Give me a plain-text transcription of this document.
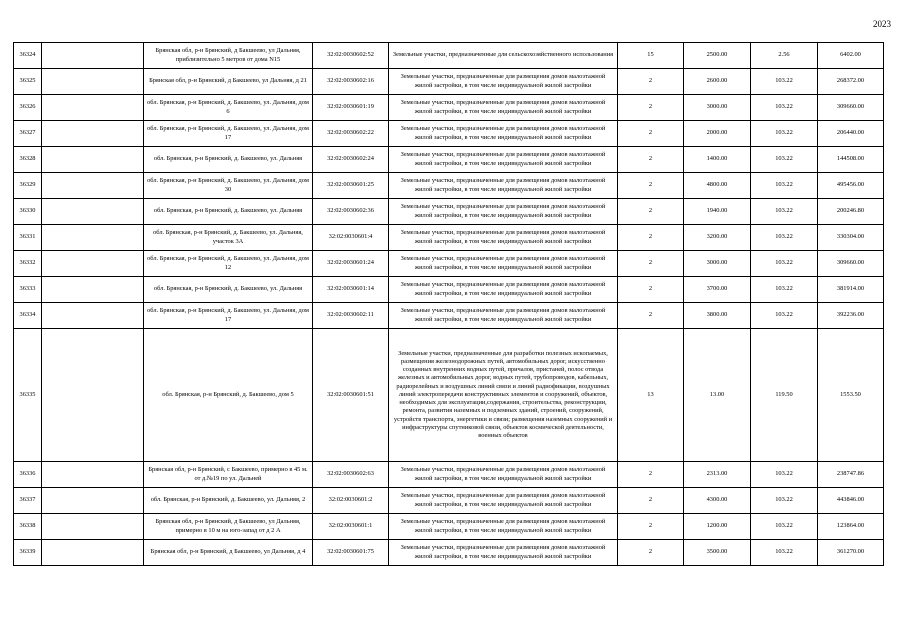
2023
36324		Брянская обл, р-н Брянский, д Бакшеево, ул Дальняя, приблизительно 5 метров от дома N15	32:02:0030602:52	Земельные участки, предназначенные для сельскохозяйственного использования	15	2500.00	2.56	6402.00
36325		Брянская обл, р-н Брянский, д Бакшеево, ул Дальняя, д 21	32:02:0030602:16	Земельные участки, предназначенные для размещения домов малоэтажной жилой застройки, в том числе индивидуальной жилой застройки	2	2600.00	103.22	268372.00
36326		обл. Брянская, р-н Брянский, д. Бакшеево, ул. Дальняя, дом 6	32:02:0030601:19	Земельные участки, предназначенные для размещения домов малоэтажной жилой застройки, в том числе индивидуальной жилой застройки	2	3000.00	103.22	309660.00
36327		обл. Брянская, р-н Брянский, д. Бакшеево, ул. Дальняя, дом 17	32:02:0030602:22	Земельные участки, предназначенные для размещения домов малоэтажной жилой застройки, в том числе индивидуальной жилой застройки	2	2000.00	103.22	206440.00
36328		обл. Брянская, р-н Брянский, д. Бакшеево, ул. Дальняя	32:02:0030602:24	Земельные участки, предназначенные для размещения домов малоэтажной жилой застройки, в том числе индивидуальной жилой застройки	2	1400.00	103.22	144508.00
36329		обл. Брянская, р-н Брянский, д. Бакшеево, ул. Дальняя, дом 30	32:02:0030601:25	Земельные участки, предназначенные для размещения домов малоэтажной жилой застройки, в том числе индивидуальной жилой застройки	2	4800.00	103.22	495456.00
36330		обл. Брянская, р-н Брянский, д. Бакшеево, ул. Дальняя	32:02:0030602:36	Земельные участки, предназначенные для размещения домов малоэтажной жилой застройки, в том числе индивидуальной жилой застройки	2	1940.00	103.22	200246.80
36331		обл. Брянская, р-н Брянский, д. Бакшеево, ул. Дальняя, участок 3А	32:02:0030601:4	Земельные участки, предназначенные для размещения домов малоэтажной жилой застройки, в том числе индивидуальной жилой застройки	2	3200.00	103.22	330304.00
36332		обл. Брянская, р-н Брянский, д. Бакшеево, ул. Дальняя, дом 12	32:02:0030601:24	Земельные участки, предназначенные для размещения домов малоэтажной жилой застройки, в том числе индивидуальной жилой застройки	2	3000.00	103.22	309660.00
36333		обл. Брянская, р-н Брянский, д. Бакшеево, ул. Дальняя	32:02:0030601:14	Земельные участки, предназначенные для размещения домов малоэтажной жилой застройки, в том числе индивидуальной жилой застройки	2	3700.00	103.22	381914.00
36334		обл. Брянская, р-н Брянский, д. Бакшеево, ул. Дальняя, дом 17	32:02:0030602:11	Земельные участки, предназначенные для размещения домов малоэтажной жилой застройки, в том числе индивидуальной жилой застройки	2	3800.00	103.22	392236.00
36335		обл. Брянская, р-н Брянский, д. Бакшеево, дом 5	32:02:0030601:51	Земельные участки, предназначенные для разработки полезных ископаемых, размещения железнодорожных путей, автомобильных дорог, искусственно созданных внутренних водных путей, причалов, пристаней, полос отвода железных и автомобильных дорог, водных путей, трубопроводов, кабельных, радиорелейных и воздушных линий связи и линий радиофикации, воздушных линий электропередачи конструктивных элементов и сооружений, объектов, необходимых для эксплуатации,содержания, строительства, реконструкции, ремонта, развития наземных и подземных зданий, строений, сооружений, устройств транспорта, энергетики и связи; размещения наземных сооружений и инфраструктуры спутниковой связи, объектов космической деятельности, военных объектов	13	13.00	119.50	1553.50
36336		Брянская обл, р-н Брянский, с Бакшеево, примерно в 45 м. от д.№19 по ул. Дальней	32:02:0030602:63	Земельные участки, предназначенные для размещения домов малоэтажной жилой застройки, в том числе индивидуальной жилой застройки	2	2313.00	103.22	238747.86
36337		обл. Брянская, р-н Брянский, д. Бакшеево, ул. Дальняя, 2	32:02:0030601:2	Земельные участки, предназначенные для размещения домов малоэтажной жилой застройки, в том числе индивидуальной жилой застройки	2	4300.00	103.22	443846.00
36338		Брянская обл, р-н Брянский, д Бакшеево, ул Дальняя, примерно в 10 м на юго-запад от д 2 А	32:02:0030601:1	Земельные участки, предназначенные для размещения домов малоэтажной жилой застройки, в том числе индивидуальной жилой застройки	2	1200.00	103.22	123864.00
36339		Брянская обл, р-н Брянский, д Бакшеево, ул Дальняя, д 4	32:02:0030601:75	Земельные участки, предназначенные для размещения домов малоэтажной жилой застройки, в том числе индивидуальной жилой застройки	2	3500.00	103.22	361270.00
